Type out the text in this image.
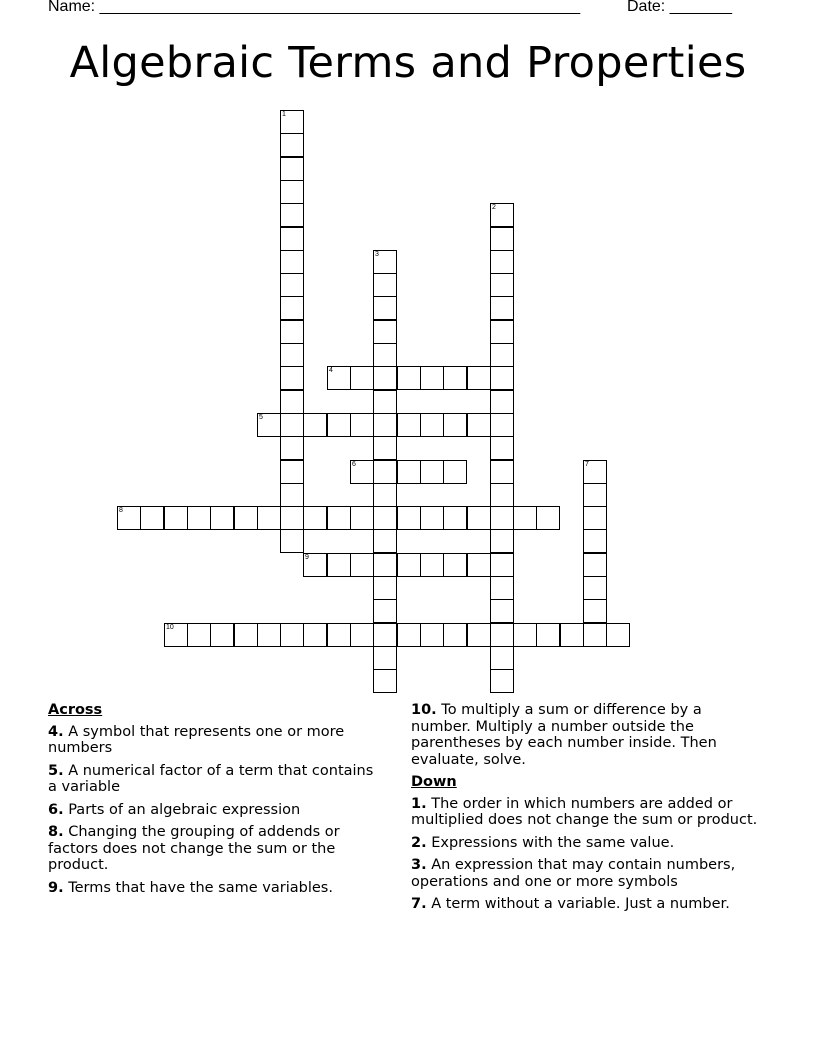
Name: ______________________________________________________	Date: _______
Algebraic Terms and Properties
1
2
3
4
5
6	7
8
9
10
Across
4. A symbol that represents one or more numbers
5. A numerical factor of a term that contains a variable
6. Parts of an algebraic expression
8. Changing the grouping of addends or factors does not change the sum or the product.
9. Terms that have the same variables.
10. To multiply a sum or difference by a number. Multiply a number outside the parentheses by each number inside. Then evaluate, solve.
Down
1. The order in which numbers are added or multiplied does not change the sum or product.
2. Expressions with the same value.
3. An expression that may contain numbers, operations and one or more symbols
7. A term without a variable. Just a number.
